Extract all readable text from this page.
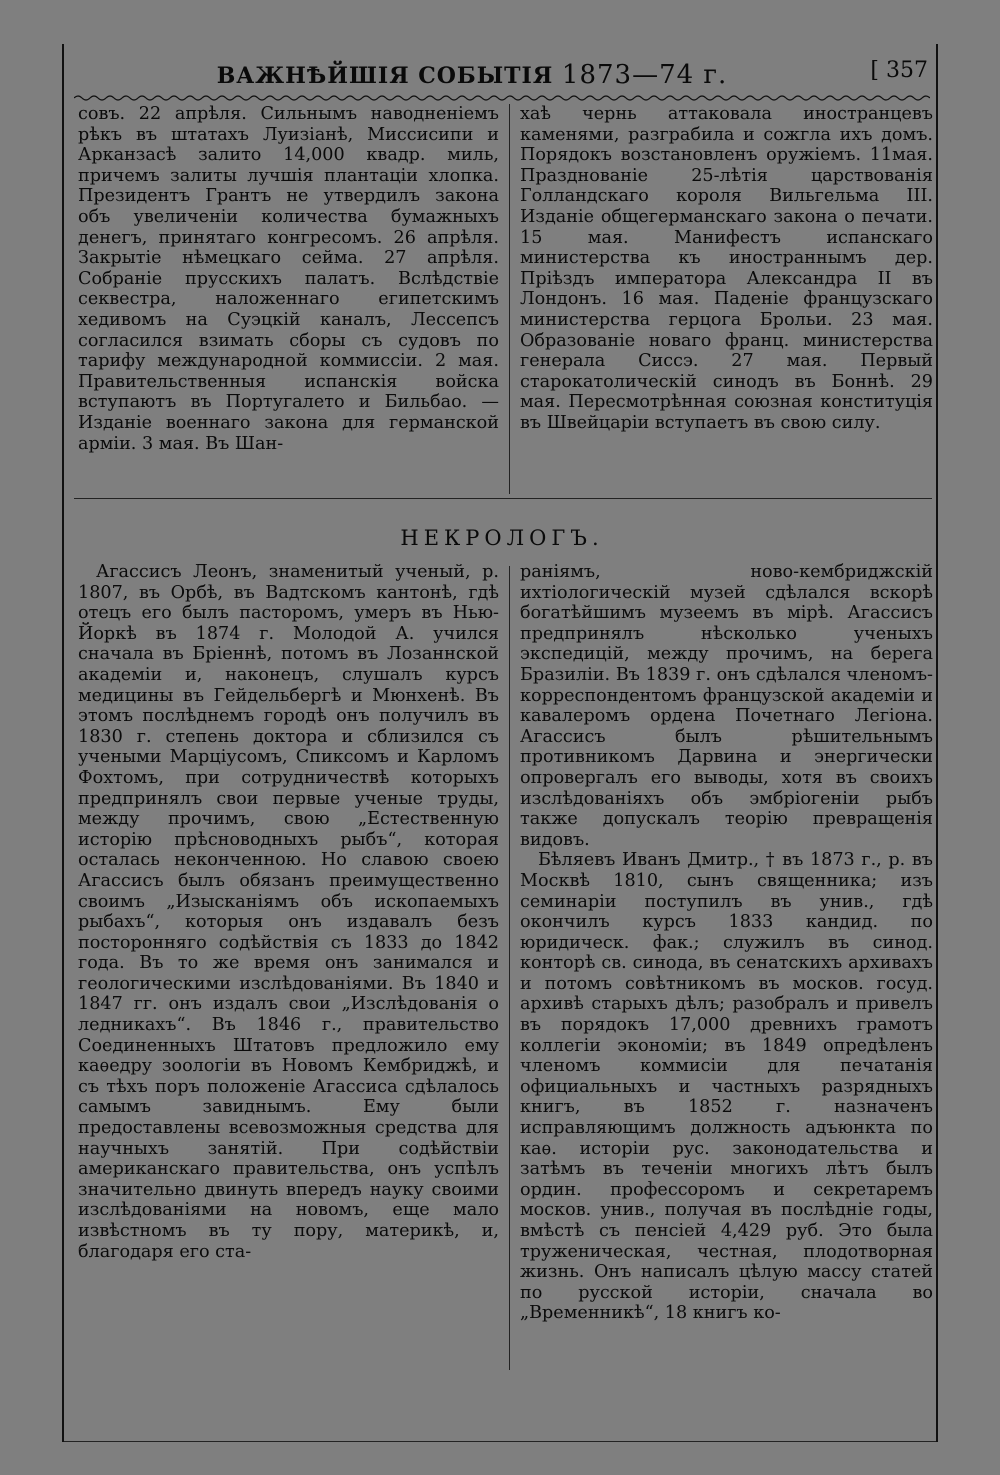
ВАЖНѢЙШІЯ СОБЫТІЯ 1873—74 г.	[ 357

совъ. 22 апрѣля. Сильнымъ наводненіемъ рѣкъ въ штатахъ Луизіанѣ, Миссисипи и Арканзасѣ залито 14,000 квадр. миль, причемъ залиты лучшія плантаціи хлопка. Президентъ Грантъ не утвердилъ закона объ увеличеніи количества бумажныхъ денегъ, принятаго конгресомъ. 26 апрѣля. Закрытіе нѣмецкаго сейма. 27 апрѣля. Собраніе прусскихъ палатъ. Вслѣдствіе секвестра, наложеннаго египетскимъ хедивомъ на Суэцкій каналъ, Лессепсъ согласился взимать сборы съ судовъ по тарифу международной коммиссіи. 2 мая. Правительственныя испанскія войска вступаютъ въ Португалето и Бильбао. — Изданіе военнаго закона для германской арміи. 3 мая. Въ Шан-

хаѣ чернь аттаковала иностранцевъ каменями, разграбила и сожгла ихъ домъ. Порядокъ возстановленъ оружіемъ. 11мая. Празднованіе 25-лѣтія царствованія Голландскаго короля Вильгельма III. Изданіе общегерманскаго закона о печати. 15 мая. Манифестъ испанскаго министерства къ иностраннымъ дер. Пріѣздъ императора Александра II въ Лондонъ. 16 мая. Паденіе французскаго министерства герцога Брольи. 23 мая. Образованіе новаго франц. министерства генерала Сиссэ. 27 мая. Первый старокатолическій синодъ въ Боннѣ. 29 мая. Пересмотрѣнная союзная конституція въ Швейцаріи вступаетъ въ свою силу.

НЕКРОЛОГЪ.

Агассисъ Леонъ, знаменитый ученый, р. 1807, въ Орбѣ, въ Вадтскомъ кантонѣ, гдѣ отецъ его былъ пасторомъ, умеръ въ Нью-Йоркѣ въ 1874 г. Молодой А. учился сначала въ Бріеннѣ, потомъ въ Лозаннской академіи и, наконецъ, слушалъ курсъ медицины въ Гейдельбергѣ и Мюнхенѣ. Въ этомъ послѣднемъ городѣ онъ получилъ въ 1830 г. степень доктора и сблизился съ учеными Марціусомъ, Спиксомъ и Карломъ Фохтомъ, при сотрудничествѣ которыхъ предпринялъ свои первые ученые труды, между прочимъ, свою „Естественную исторію прѣсноводныхъ рыбъ“, которая осталась неконченною. Но славою своею Агассисъ былъ обязанъ преимущественно своимъ „Изысканіямъ объ ископаемыхъ рыбахъ“, которыя онъ издавалъ безъ посторонняго содѣйствія съ 1833 до 1842 года. Въ то же время онъ занимался и геологическими изслѣдованіями. Въ 1840 и 1847 гг. онъ издалъ свои „Изслѣдованія о ледникахъ“. Въ 1846 г., правительство Соединенныхъ Штатовъ предложило ему каѳедру зоологіи въ Новомъ Кембриджѣ, и съ тѣхъ поръ положеніе Агассиса сдѣлалось самымъ завиднымъ. Ему были предоставлены всевозможныя средства для научныхъ занятій. При содѣйствіи американскаго правительства, онъ успѣлъ значительно двинуть впередъ науку своими изслѣдованіями на новомъ, еще мало извѣстномъ въ ту пору, материкѣ, и, благодаря его ста-

раніямъ, ново-кембриджскій ихтіологическій музей сдѣлался вскорѣ богатѣйшимъ музеемъ въ мірѣ. Агассисъ предпринялъ нѣсколько ученыхъ экспедицій, между прочимъ, на берега Бразиліи. Въ 1839 г. онъ сдѣлался членомъ-корреспондентомъ французской академіи и кавалеромъ ордена Почетнаго Легіона. Агассисъ былъ рѣшительнымъ противникомъ Дарвина и энергически опровергалъ его выводы, хотя въ своихъ изслѣдованіяхъ объ эмбріогеніи рыбъ также допускалъ теорію превращенія видовъ.

Бѣляевъ Иванъ Дмитр., † въ 1873 г., р. въ Москвѣ 1810, сынъ священника; изъ семинаріи поступилъ въ унив., гдѣ окончилъ курсъ 1833 кандид. по юридическ. фак.; служилъ въ синод. конторѣ св. синода, въ сенатскихъ архивахъ и потомъ совѣтникомъ въ москов. госуд. архивѣ старыхъ дѣлъ; разобралъ и привелъ въ порядокъ 17,000 древнихъ грамотъ коллегіи экономіи; въ 1849 опредѣленъ членомъ коммисіи для печатанія официальныхъ и частныхъ разрядныхъ книгъ, въ 1852 г. назначенъ исправляющимъ должность адъюнкта по каѳ. исторіи рус. законодательства и затѣмъ въ теченіи многихъ лѣтъ былъ ордин. профессоромъ и секретаремъ москов. унив., получая въ послѣдніе годы, вмѣстѣ съ пенсіей 4,429 руб. Это была труженическая, честная, плодотворная жизнь. Онъ написалъ цѣлую массу статей по русской исторіи, сначала во „Временникѣ“, 18 книгъ ко-
